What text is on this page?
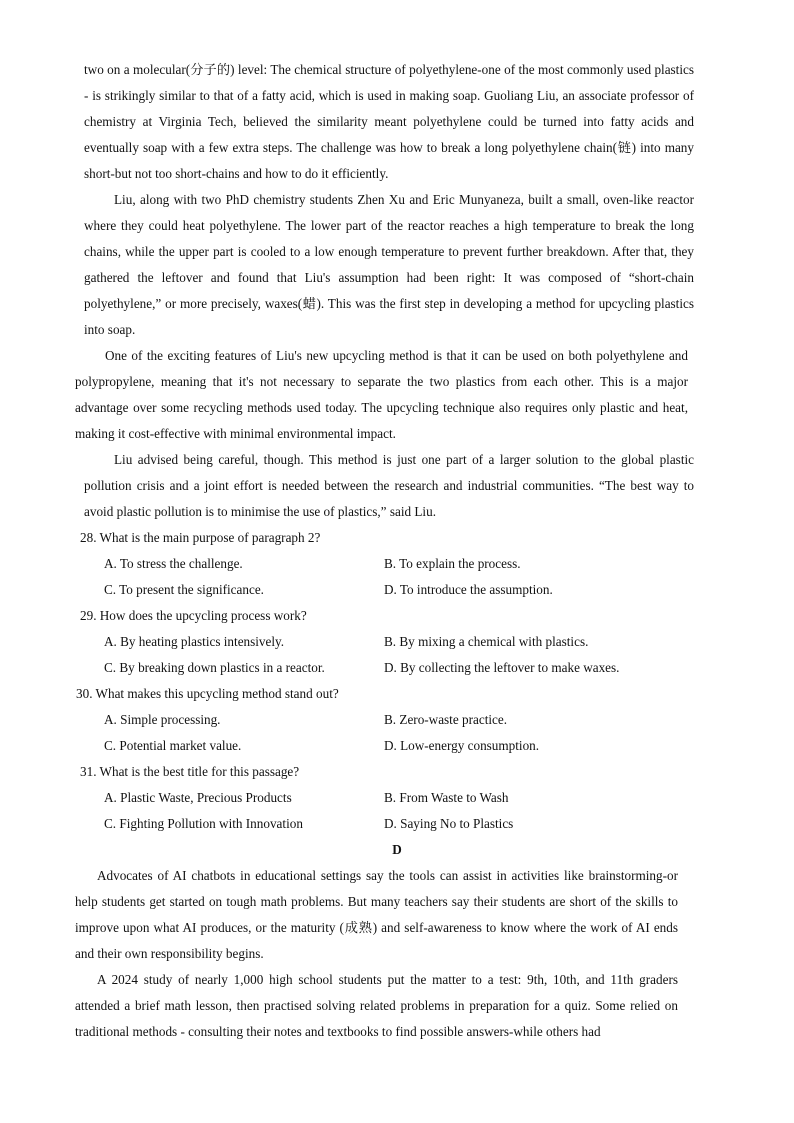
two on a molecular(分子的) level: The chemical structure of polyethylene-one of the most commonly used plastics - is strikingly similar to that of a fatty acid, which is used in making soap. Guoliang Liu, an associate professor of chemistry at Virginia Tech, believed the similarity meant polyethylene could be turned into fatty acids and eventually soap with a few extra steps. The challenge was how to break a long polyethylene chain(链) into many short-but not too short-chains and how to do it efficiently.

Liu, along with two PhD chemistry students Zhen Xu and Eric Munyaneza, built a small, oven-like reactor where they could heat polyethylene. The lower part of the reactor reaches a high temperature to break the long chains, while the upper part is cooled to a low enough temperature to prevent further breakdown. After that, they gathered the leftover and found that Liu's assumption had been right: It was composed of “short-chain polyethylene,” or more precisely, waxes(蜡). This was the first step in developing a method for upcycling plastics into soap.

One of the exciting features of Liu's new upcycling method is that it can be used on both polyethylene and polypropylene, meaning that it's not necessary to separate the two plastics from each other. This is a major advantage over some recycling methods used today. The upcycling technique also requires only plastic and heat, making it cost-effective with minimal environmental impact.

Liu advised being careful, though. This method is just one part of a larger solution to the global plastic pollution crisis and a joint effort is needed between the research and industrial communities. “The best way to avoid plastic pollution is to minimise the use of plastics,” said Liu.

28. What is the main purpose of paragraph 2?

A. To stress the challenge.	B. To explain the process.
C. To present the significance.	D. To introduce the assumption.

29. How does the upcycling process work?

A. By heating plastics intensively.	B. By mixing a chemical with plastics.
C. By breaking down plastics in a reactor.	D. By collecting the leftover to make waxes.

30. What makes this upcycling method stand out?

A. Simple processing.	B. Zero-waste practice.
C. Potential market value.	D. Low-energy consumption.

31. What is the best title for this passage?

A. Plastic Waste, Precious Products	B. From Waste to Wash
C. Fighting Pollution with Innovation	D. Saying No to Plastics

D

Advocates of AI chatbots in educational settings say the tools can assist in activities like brainstorming-or help students get started on tough math problems. But many teachers say their students are short of the skills to improve upon what AI produces, or the maturity (成熟) and self-awareness to know where the work of AI ends and their own responsibility begins.

A 2024 study of nearly 1,000 high school students put the matter to a test: 9th, 10th, and 11th graders attended a brief math lesson, then practised solving related problems in preparation for a quiz. Some relied on traditional methods - consulting their notes and textbooks to find possible answers-while others had
